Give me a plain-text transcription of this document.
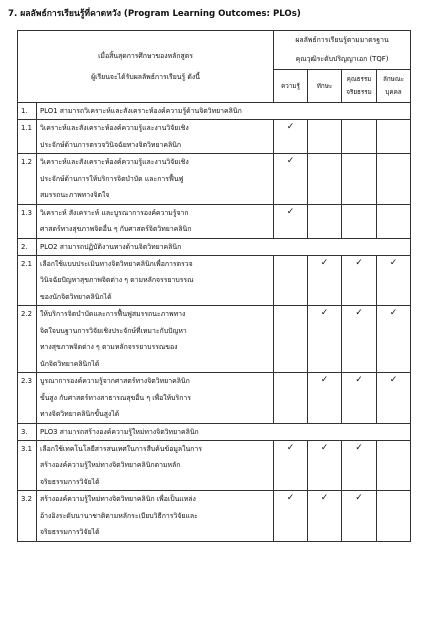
7. ผลลัพธ์การเรียนรู้ที่คาดหวัง (Program Learning Outcomes: PLOs)
เมื่อสิ้นสุดการศึกษาของหลักสูตร
ผู้เรียนจะได้รับผลลัพธ์การเรียนรู้ ดังนี้		ผลลัพธ์การเรียนรู้ตามมาตรฐาน
คุณวุฒิระดับปริญญาเอก (TQF)			

		ความรู้	ทักษะ	คุณธรรม
จริยธรรม	ลักษณะ
บุคคล

1.	PLO1 สามารถวิเคราะห์และสังเคราะห์องค์ความรู้ด้านจิตวิทยาคลินิก				
1.1	วิเคราะห์และสังเคราะห์องค์ความรู้และงานวิจัยเชิง
ประจักษ์ด้านการตรวจวินิจฉัยทางจิตวิทยาคลินิก	✓			
1.2	วิเคราะห์และสังเคราะห์องค์ความรู้และงานวิจัยเชิง
ประจักษ์ด้านการให้บริการจิตบำบัด และการฟื้นฟู
สมรรถนะภาพทางจิตใจ	✓			
1.3	วิเคราะห์ สังเคราะห์ และบูรณาการองค์ความรู้จาก
ศาสตร์ทางสุขภาพจิตอื่น ๆ กับศาสตร์จิตวิทยาคลินิก	✓			
2.	PLO2 สามารถปฏิบัติงานทางด้านจิตวิทยาคลินิก				
2.1	เลือกใช้แบบประเมินทางจิตวิทยาคลินิกเพื่อการตรวจ
วินิจฉัยปัญหาสุขภาพจิตต่าง ๆ ตามหลักจรรยาบรรณ
ของนักจิตวิทยาคลินิกได้		✓	✓	✓
2.2	ให้บริการจิตบำบัดและการฟื้นฟูสมรรถนะภาพทาง
จิตใจบนฐานการวิจัยเชิงประจักษ์ที่เหมาะกับปัญหา
ทางสุขภาพจิตต่าง ๆ ตามหลักจรรยาบรรณของ
นักจิตวิทยาคลินิกได้		✓	✓	✓
2.3	บูรณาการองค์ความรู้จากศาสตร์ทางจิตวิทยาคลินิก
ขั้นสูง กับศาสตร์ทางสาธารณสุขอื่น ๆ เพื่อให้บริการ
ทางจิตวิทยาคลินิกขั้นสูงได้		✓	✓	✓
3.	PLO3 สามารถสร้างองค์ความรู้ใหม่ทางจิตวิทยาคลินิก				
3.1	เลือกใช้เทคโนโลยีสารสนเทศในการสืบค้นข้อมูลในการ
สร้างองค์ความรู้ใหม่ทางจิตวิทยาคลินิกตามหลัก
จริยธรรมการวิจัยได้	✓	✓	✓	
3.2	สร้างองค์ความรู้ใหม่ทางจิตวิทยาคลินิก เพื่อเป็นแหล่ง
อ้างอิงระดับนานาชาติตามหลักระเบียบวิธีการวิจัยและ
จริยธรรมการวิจัยได้	✓	✓	✓	
